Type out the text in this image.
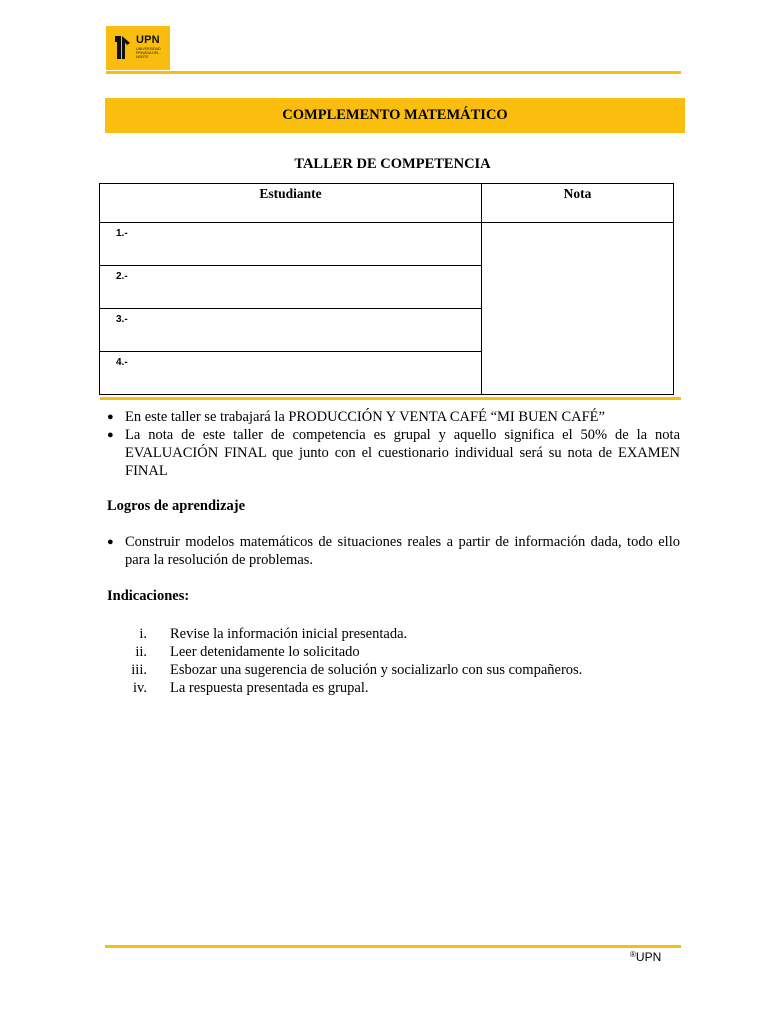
UPN
UNIVERSIDAD PRIVADA DEL NORTE
COMPLEMENTO MATEMÁTICO
TALLER DE COMPETENCIA
Estudiante	Nota
1.-	
2.-	
3.-	
4.-	
● En este taller se trabajará la PRODUCCIÓN Y VENTA CAFÉ “MI BUEN CAFÉ”
● La nota de este taller de competencia es grupal y aquello significa el 50% de la nota EVALUACIÓN FINAL que junto con el cuestionario individual será su nota de EXAMEN FINAL
Logros de aprendizaje
● Construir modelos matemáticos de situaciones reales a partir de información dada, todo ello para la resolución de problemas.
Indicaciones:
i. Revise la información inicial presentada.
ii. Leer detenidamente lo solicitado
iii. Esbozar una sugerencia de solución y socializarlo con sus compañeros.
iv. La respuesta presentada es grupal.
®UPN
